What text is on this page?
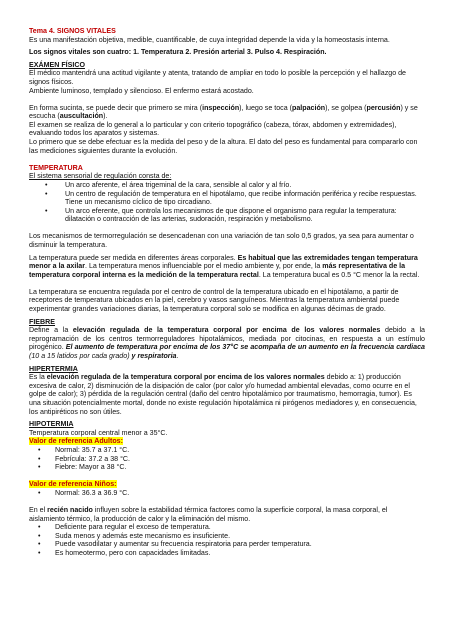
Tema 4. SIGNOS VITALES

Es una manifestación objetiva, medible, cuantificable, de cuya integridad depende la vida y la homeostasis interna.

Los signos vitales son cuatro: 1. Temperatura 2. Presión arterial 3. Pulso 4. Respiración.

EXÁMEN FÍSICO

El médico mantendrá una actitud vigilante y atenta, tratando de ampliar en todo lo posible la percepción y el hallazgo de signos físicos.

Ambiente luminoso, templado y silencioso. El enfermo estará acostado.

En forma sucinta, se puede decir que primero se mira (inspección), luego se toca (palpación), se golpea (percusión) y se escucha (auscultación).

El examen se realiza de lo general a lo particular y con criterio topográfico (cabeza, tórax, abdomen y extremidades), evaluando todos los aparatos y sistemas.

Lo primero que se debe efectuar es la medida del peso y de la altura. El dato del peso es fundamental para compararlo con las mediciones siguientes durante la evolución.

TEMPERATURA

El sistema sensorial de regulación consta de:

• Un arco aferente, el área trigeminal de la cara, sensible al calor y al frío.
• Un centro de regulación de temperatura en el hipotálamo, que recibe información periférica y recibe respuestas. Tiene un mecanismo cíclico de tipo circadiano.
• Un arco eferente, que controla los mecanismos de que dispone el organismo para regular la temperatura: dilatación o contracción de las arterias, sudoración, respiración y metabolismo.

Los mecanismos de termorregulación se desencadenan con una variación de tan solo 0,5 grados, ya sea para aumentar o disminuir la temperatura.

La temperatura puede ser medida en diferentes áreas corporales. Es habitual que las extremidades tengan temperatura menor a la axilar. La temperatura menos influenciable por el medio ambiente y, por ende, la más representativa de la temperatura corporal interna es la medición de la temperatura rectal. La temperatura bucal es 0.5 °C menor la la rectal.

La temperatura se encuentra regulada por el centro de control de la temperatura ubicado en el hipotálamo, a partir de receptores de temperatura ubicados en la piel, cerebro y vasos sanguíneos. Mientras la temperatura ambiental puede experimentar grandes variaciones diarias, la temperatura corporal solo se modifica en algunas décimas de grado.

FIEBRE

Define a la elevación regulada de la temperatura corporal por encima de los valores normales debido a la reprogramación de los centros termorreguladores hipotalámicos, mediada por citocinas, en respuesta a un estímulo pirogénico. El aumento de temperatura por encima de los 37°C se acompaña de un aumento en la frecuencia cardiaca (10 a 15 latidos por cada grado) y respiratoria.

HIPERTERMIA

Es la elevación regulada de la temperatura corporal por encima de los valores normales debido a: 1) producción excesiva de calor, 2) disminución de la disipación de calor (por calor y/o humedad ambiental elevadas, como ocurre en el golpe de calor); 3) pérdida de la regulación central (daño del centro hipotalámico por traumatismo, hemorragia, tumor). Es una situación potencialmente mortal, donde no existe regulación hipotalámica ni pirógenos mediadores y, en consecuencia, los antipiréticos no son útiles.

HIPOTERMIA

Temperatura corporal central menor a 35°C.

Valor de referencia Adultos:

• Normal: 35.7 a 37.1 °C.
• Febrícula: 37.2 a 38 °C.
• Fiebre: Mayor a 38 °C.

Valor de referencia Niños:

• Normal: 36.3 a 36.9 °C.

En el recién nacido influyen sobre la estabilidad térmica factores como la superficie corporal, la masa corporal, el aislamiento térmico, la producción de calor y la eliminación del mismo.

• Deficiente para regular el exceso de temperatura.
• Suda menos y además este mecanismo es insuficiente.
• Puede vasodilatar y aumentar su frecuencia respiratoria para perder temperatura.
• Es homeotermo, pero con capacidades limitadas.
